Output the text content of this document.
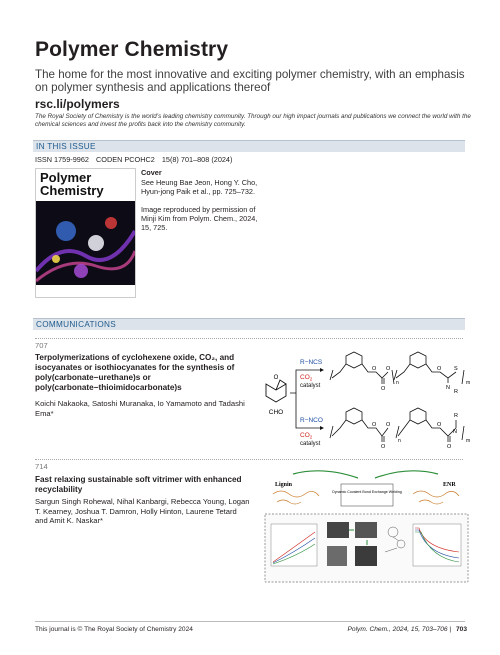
Polymer Chemistry
The home for the most innovative and exciting polymer chemistry, with an emphasis on polymer synthesis and applications thereof
rsc.li/polymers
The Royal Society of Chemistry is the world’s leading chemistry community. Through our high impact journals and publications we connect the world with the chemical sciences and invest the profits back into the chemistry community.
IN THIS ISSUE
ISSN 1759-9962 CODEN PCOHC2 15(8) 701–808 (2024)
Polymer Chemistry
Cover
See Heung Bae Jeon, Hong Y. Cho, Hyun-jong Paik et al., pp. 725–732.
Image reproduced by permission of Minji Kim from Polym. Chem., 2024, 15, 725.
COMMUNICATIONS
707
Terpolymerizations of cyclohexene oxide, CO₂, and isocyanates or isothiocyanates for the synthesis of poly(carbonate−urethane)s or poly(carbonate−thioimidocarbonate)s
Koichi Nakaoka, Satoshi Muranaka, Io Yamamoto and Tadashi Ema*
O
CHO
R−NCS
$CO_2$
catalyst
R−NCO
$CO_2$
catalyst
O O
O
n
O S
N
R
m
O O
O
n
O
N
R
O
m
714
Fast relaxing sustainable soft vitrimer with enhanced recyclability
Sargun Singh Rohewal, Nihal Kanbargi, Rebecca Young, Logan T. Kearney, Joshua T. Damron, Holly Hinton, Laurene Tetard and Amit K. Naskar*
Lignin	ENR
Dynamic Covalent Bond Exchange Welding
This journal is © The Royal Society of Chemistry 2024	Polym. Chem., 2024, 15, 703–706 | 703
